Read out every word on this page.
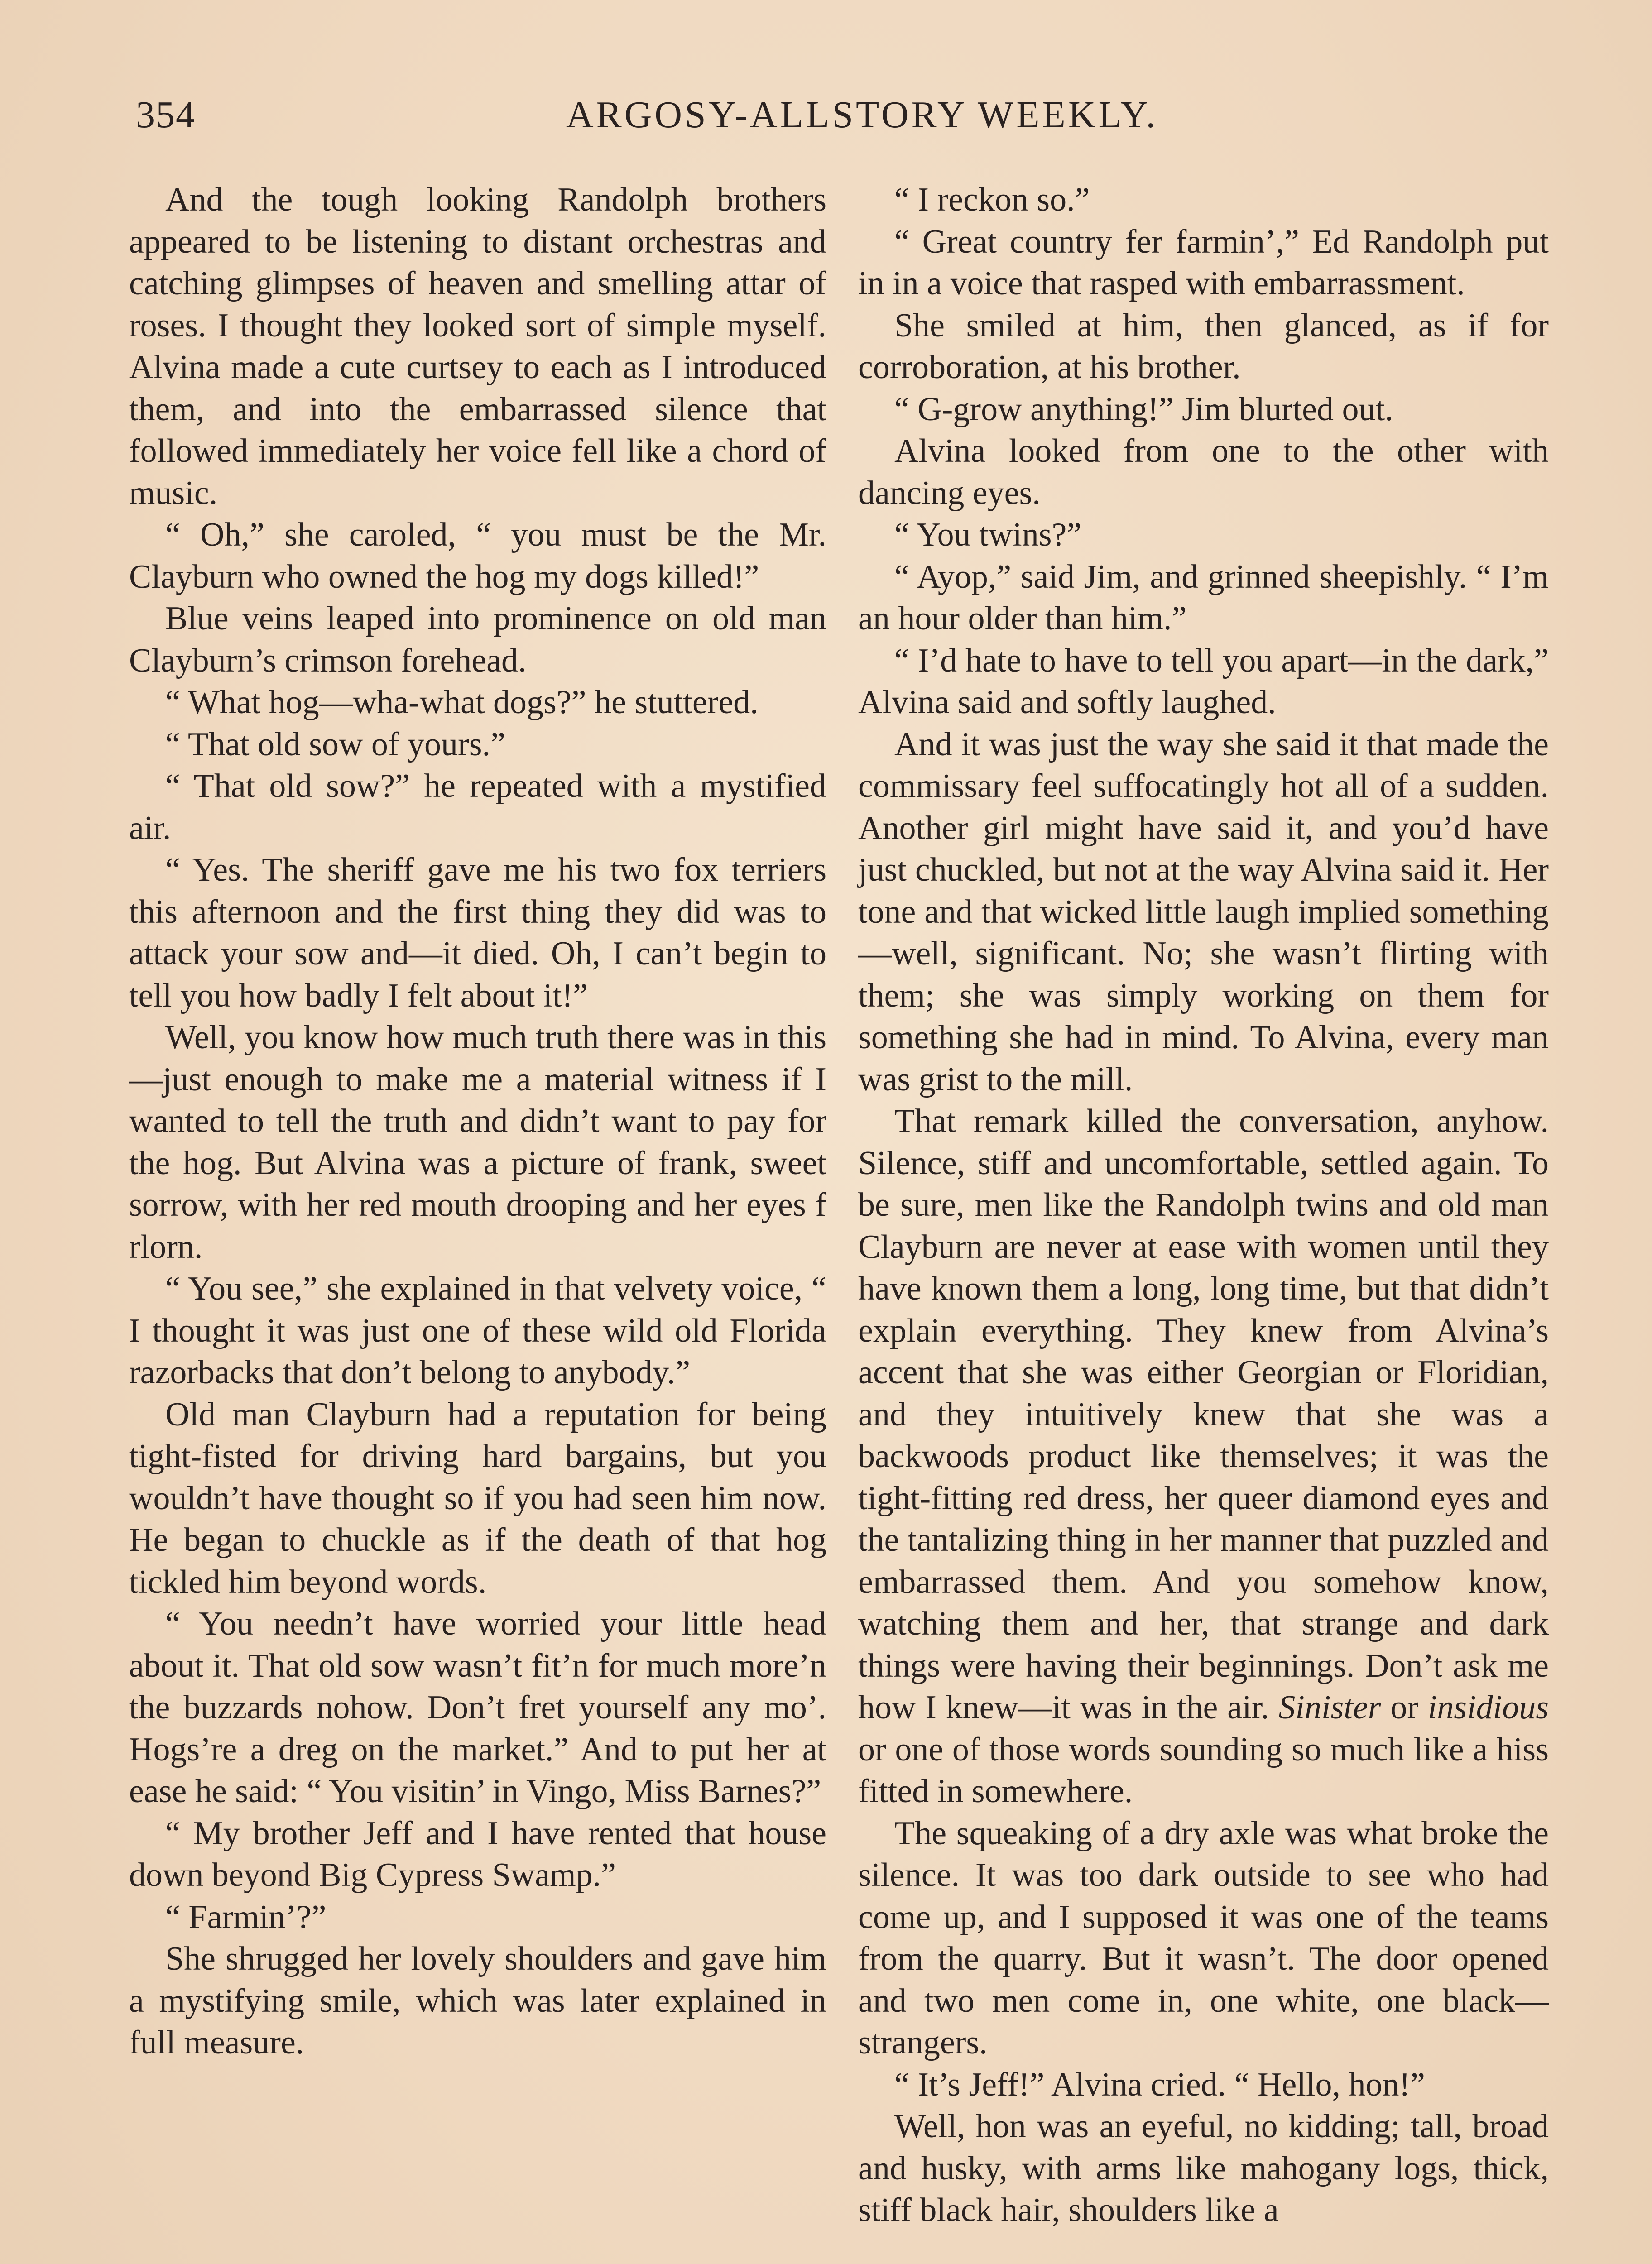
354	ARGOSY-ALLSTORY WEEKLY.

And the tough looking Randolph brothers appeared to be listening to distant orchestras and catching glimpses of heaven and smelling attar of roses. I thought they looked sort of simple myself. Alvina made a cute curtsey to each as I introduced them, and into the embarrassed silence that followed immediately her voice fell like a chord of music.

“ Oh,” she caroled, “ you must be the Mr. Clayburn who owned the hog my dogs killed!”

Blue veins leaped into prominence on old man Clayburn’s crimson forehead.

“ What hog—wha-what dogs?” he stuttered.

“ That old sow of yours.”

“ That old sow?” he repeated with a mystified air.

“ Yes. The sheriff gave me his two fox terriers this afternoon and the first thing they did was to attack your sow and—it died. Oh, I can’t begin to tell you how badly I felt about it!”

Well, you know how much truth there was in this—just enough to make me a material witness if I wanted to tell the truth and didn’t want to pay for the hog. But Alvina was a picture of frank, sweet sorrow, with her red mouth drooping and her eyes f rlorn.

“ You see,” she explained in that velvety voice, “ I thought it was just one of these wild old Florida razorbacks that don’t belong to anybody.”

Old man Clayburn had a reputation for being tight-fisted for driving hard bargains, but you wouldn’t have thought so if you had seen him now. He began to chuckle as if the death of that hog tickled him beyond words.

“ You needn’t have worried your little head about it. That old sow wasn’t fit’n for much more’n the buzzards nohow. Don’t fret yourself any mo’. Hogs’re a dreg on the market.” And to put her at ease he said: “ You visitin’ in Vingo, Miss Barnes?”

“ My brother Jeff and I have rented that house down beyond Big Cypress Swamp.”

“ Farmin’?”

She shrugged her lovely shoulders and gave him a mystifying smile, which was later explained in full measure.

“ I reckon so.”

“ Great country fer farmin’,” Ed Randolph put in in a voice that rasped with embarrassment.

She smiled at him, then glanced, as if for corroboration, at his brother.

“ G-grow anything!” Jim blurted out.

Alvina looked from one to the other with dancing eyes.

“ You twins?”

“ Ayop,” said Jim, and grinned sheepishly. “ I’m an hour older than him.”

“ I’d hate to have to tell you apart—in the dark,” Alvina said and softly laughed.

And it was just the way she said it that made the commissary feel suffocatingly hot all of a sudden. Another girl might have said it, and you’d have just chuckled, but not at the way Alvina said it. Her tone and that wicked little laugh implied something—well, significant. No; she wasn’t flirting with them; she was simply working on them for something she had in mind. To Alvina, every man was grist to the mill.

That remark killed the conversation, anyhow. Silence, stiff and uncomfortable, settled again. To be sure, men like the Randolph twins and old man Clayburn are never at ease with women until they have known them a long, long time, but that didn’t explain everything. They knew from Alvina’s accent that she was either Georgian or Floridian, and they intuitively knew that she was a backwoods product like themselves; it was the tight-fitting red dress, her queer diamond eyes and the tantalizing thing in her manner that puzzled and embarrassed them. And you somehow know, watching them and her, that strange and dark things were having their beginnings. Don’t ask me how I knew—it was in the air. Sinister or insidious or one of those words sounding so much like a hiss fitted in somewhere.

The squeaking of a dry axle was what broke the silence. It was too dark outside to see who had come up, and I supposed it was one of the teams from the quarry. But it wasn’t. The door opened and two men come in, one white, one black—strangers.

“ It’s Jeff!” Alvina cried. “ Hello, hon!”

Well, hon was an eyeful, no kidding; tall, broad and husky, with arms like mahogany logs, thick, stiff black hair, shoulders like a
